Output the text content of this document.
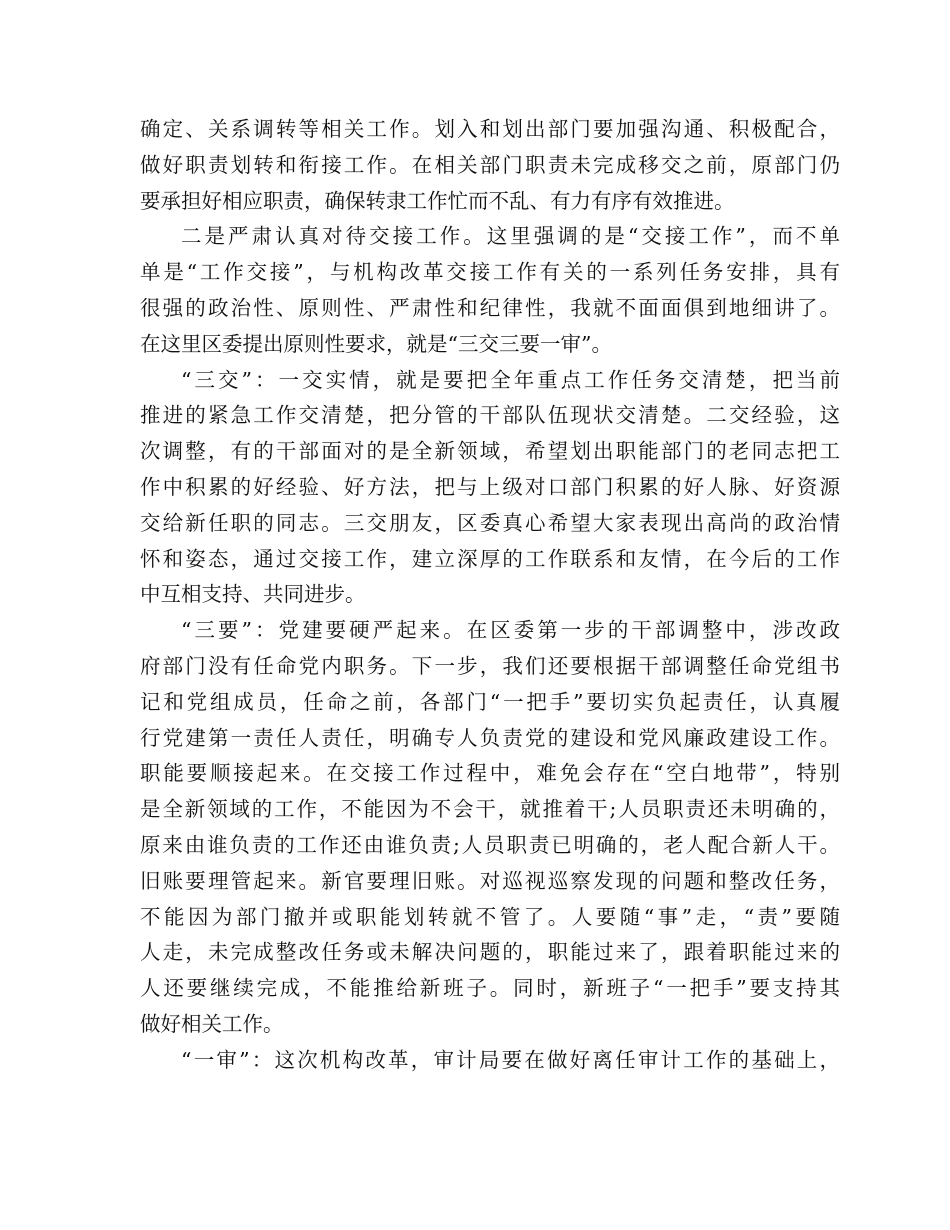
确定、关系调转等相关工作。划入和划出部门要加强沟通、积极配合，
做好职责划转和衔接工作。在相关部门职责未完成移交之前，原部门仍
要承担好相应职责，确保转隶工作忙而不乱、有力有序有效推进。
二是严肃认真对待交接工作。这里强调的是“交接工作”，而不单
单是“工作交接”，与机构改革交接工作有关的一系列任务安排，具有
很强的政治性、原则性、严肃性和纪律性，我就不面面俱到地细讲了。
在这里区委提出原则性要求，就是“三交三要一审”。
“三交”：一交实情，就是要把全年重点工作任务交清楚，把当前
推进的紧急工作交清楚，把分管的干部队伍现状交清楚。二交经验，这
次调整，有的干部面对的是全新领域，希望划出职能部门的老同志把工
作中积累的好经验、好方法，把与上级对口部门积累的好人脉、好资源
交给新任职的同志。三交朋友，区委真心希望大家表现出高尚的政治情
怀和姿态，通过交接工作，建立深厚的工作联系和友情，在今后的工作
中互相支持、共同进步。
“三要”：党建要硬严起来。在区委第一步的干部调整中，涉改政
府部门没有任命党内职务。下一步，我们还要根据干部调整任命党组书
记和党组成员，任命之前，各部门“一把手”要切实负起责任，认真履
行党建第一责任人责任，明确专人负责党的建设和党风廉政建设工作。
职能要顺接起来。在交接工作过程中，难免会存在“空白地带”，特别
是全新领域的工作，不能因为不会干，就推着干;人员职责还未明确的，
原来由谁负责的工作还由谁负责;人员职责已明确的，老人配合新人干。
旧账要理管起来。新官要理旧账。对巡视巡察发现的问题和整改任务，
不能因为部门撤并或职能划转就不管了。人要随“事”走，“责”要随
人走，未完成整改任务或未解决问题的，职能过来了，跟着职能过来的
人还要继续完成，不能推给新班子。同时，新班子“一把手”要支持其
做好相关工作。
“一审”：这次机构改革，审计局要在做好离任审计工作的基础上，
